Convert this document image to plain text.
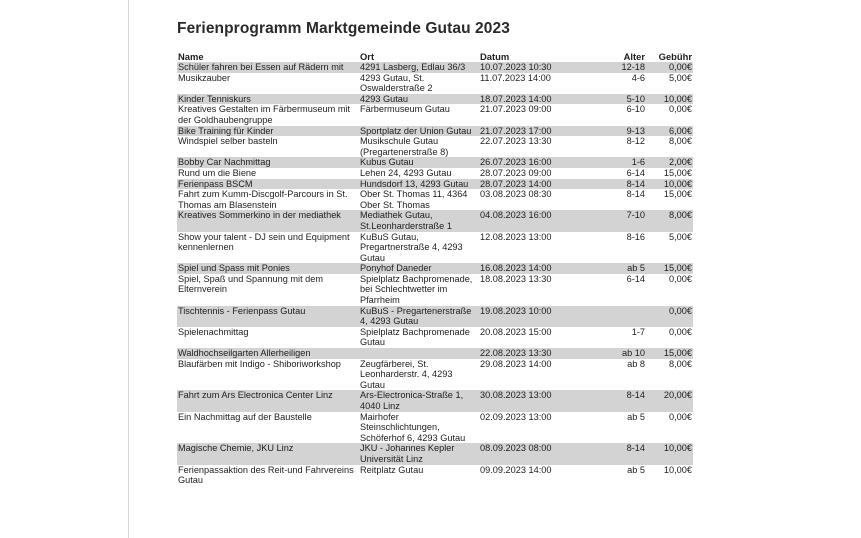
Ferienprogramm Marktgemeinde Gutau 2023
Name	Ort	Datum	Alter	Gebühr
Schüler fahren bei Essen auf Rädern mit	4291 Lasberg, Edlau 36/3	10.07.2023 10:30	12-18	0,00€
Musikzauber	4293 Gutau, St. Oswalderstraße 2	11.07.2023 14:00	4-6	5,00€
Kinder Tenniskurs	4293 Gutau	18.07.2023 14:00	5-10	10,00€
Kreatives Gestalten im Färbermuseum mit der Goldhaubengruppe	Färbermuseum Gutau	21.07.2023 09:00	6-10	0,00€
Bike Training für Kinder	Sportplatz der Union Gutau	21.07.2023 17:00	9-13	6,00€
Windspiel selber basteln	Musikschule Gutau (Pregartenerstraße 8)	22.07.2023 13:30	8-12	8,00€
Bobby Car Nachmittag	Kubus Gutau	26.07.2023 16:00	1-6	2,00€
Rund um die Biene	Lehen 24, 4293 Gutau	28.07.2023 09:00	6-14	15,00€
Ferienpass BSCM	Hundsdorf 13, 4293 Gutau	28.07.2023 14:00	8-14	10,00€
Fahrt zum Kumm-Discgolf-Parcours in St. Thomas am Blasenstein	Ober St. Thomas 11, 4364 Ober St. Thomas	03.08.2023 08:30	8-14	15,00€
Kreatives Sommerkino in der mediathek	Mediathek Gutau, St.Leonharderstraße 1	04.08.2023 16:00	7-10	8,00€
Show your talent - DJ sein und Equipment kennenlernen	KuBuS Gutau, Pregartnerstraße 4, 4293 Gutau	12.08.2023 13:00	8-16	5,00€
Spiel und Spass mit Ponies	Ponyhof Daneder	16.08.2023 14:00	ab 5	15,00€
Spiel, Spaß und Spannung mit dem Elternverein	Spielplatz Bachpromenade, bei Schlechtwetter im Pfarrheim	18.08.2023 13:30	6-14	0,00€
Tischtennis - Ferienpass Gutau	KuBuS - Pregartenerstraße 4, 4293 Gutau	19.08.2023 10:00		0,00€
Spielenachmittag	Spielplatz Bachpromenade Gutau	20.08.2023 15:00	1-7	0,00€
Waldhochseilgarten Allerheiligen		22.08.2023 13:30	ab 10	15,00€
Blaufärben mit Indigo - Shiboriworkshop	Zeugfärberei, St. Leonharderstr. 4, 4293 Gutau	29.08.2023 14:00	ab 8	8,00€
Fahrt zum Ars Electronica Center Linz	Ars-Electronica-Straße 1, 4040 Linz	30.08.2023 13:00	8-14	20,00€
Ein Nachmittag auf der Baustelle	Mairhofer Steinschlichtungen, Schöferhof 6, 4293 Gutau	02.09.2023 13:00	ab 5	0,00€
Magische Chemie, JKU Linz	JKU - Johannes Kepler Universität Linz	08.09.2023 08:00	8-14	10,00€
Ferienpassaktion des Reit-und Fahrvereins Gutau	Reitplatz Gutau	09.09.2023 14:00	ab 5	10,00€
